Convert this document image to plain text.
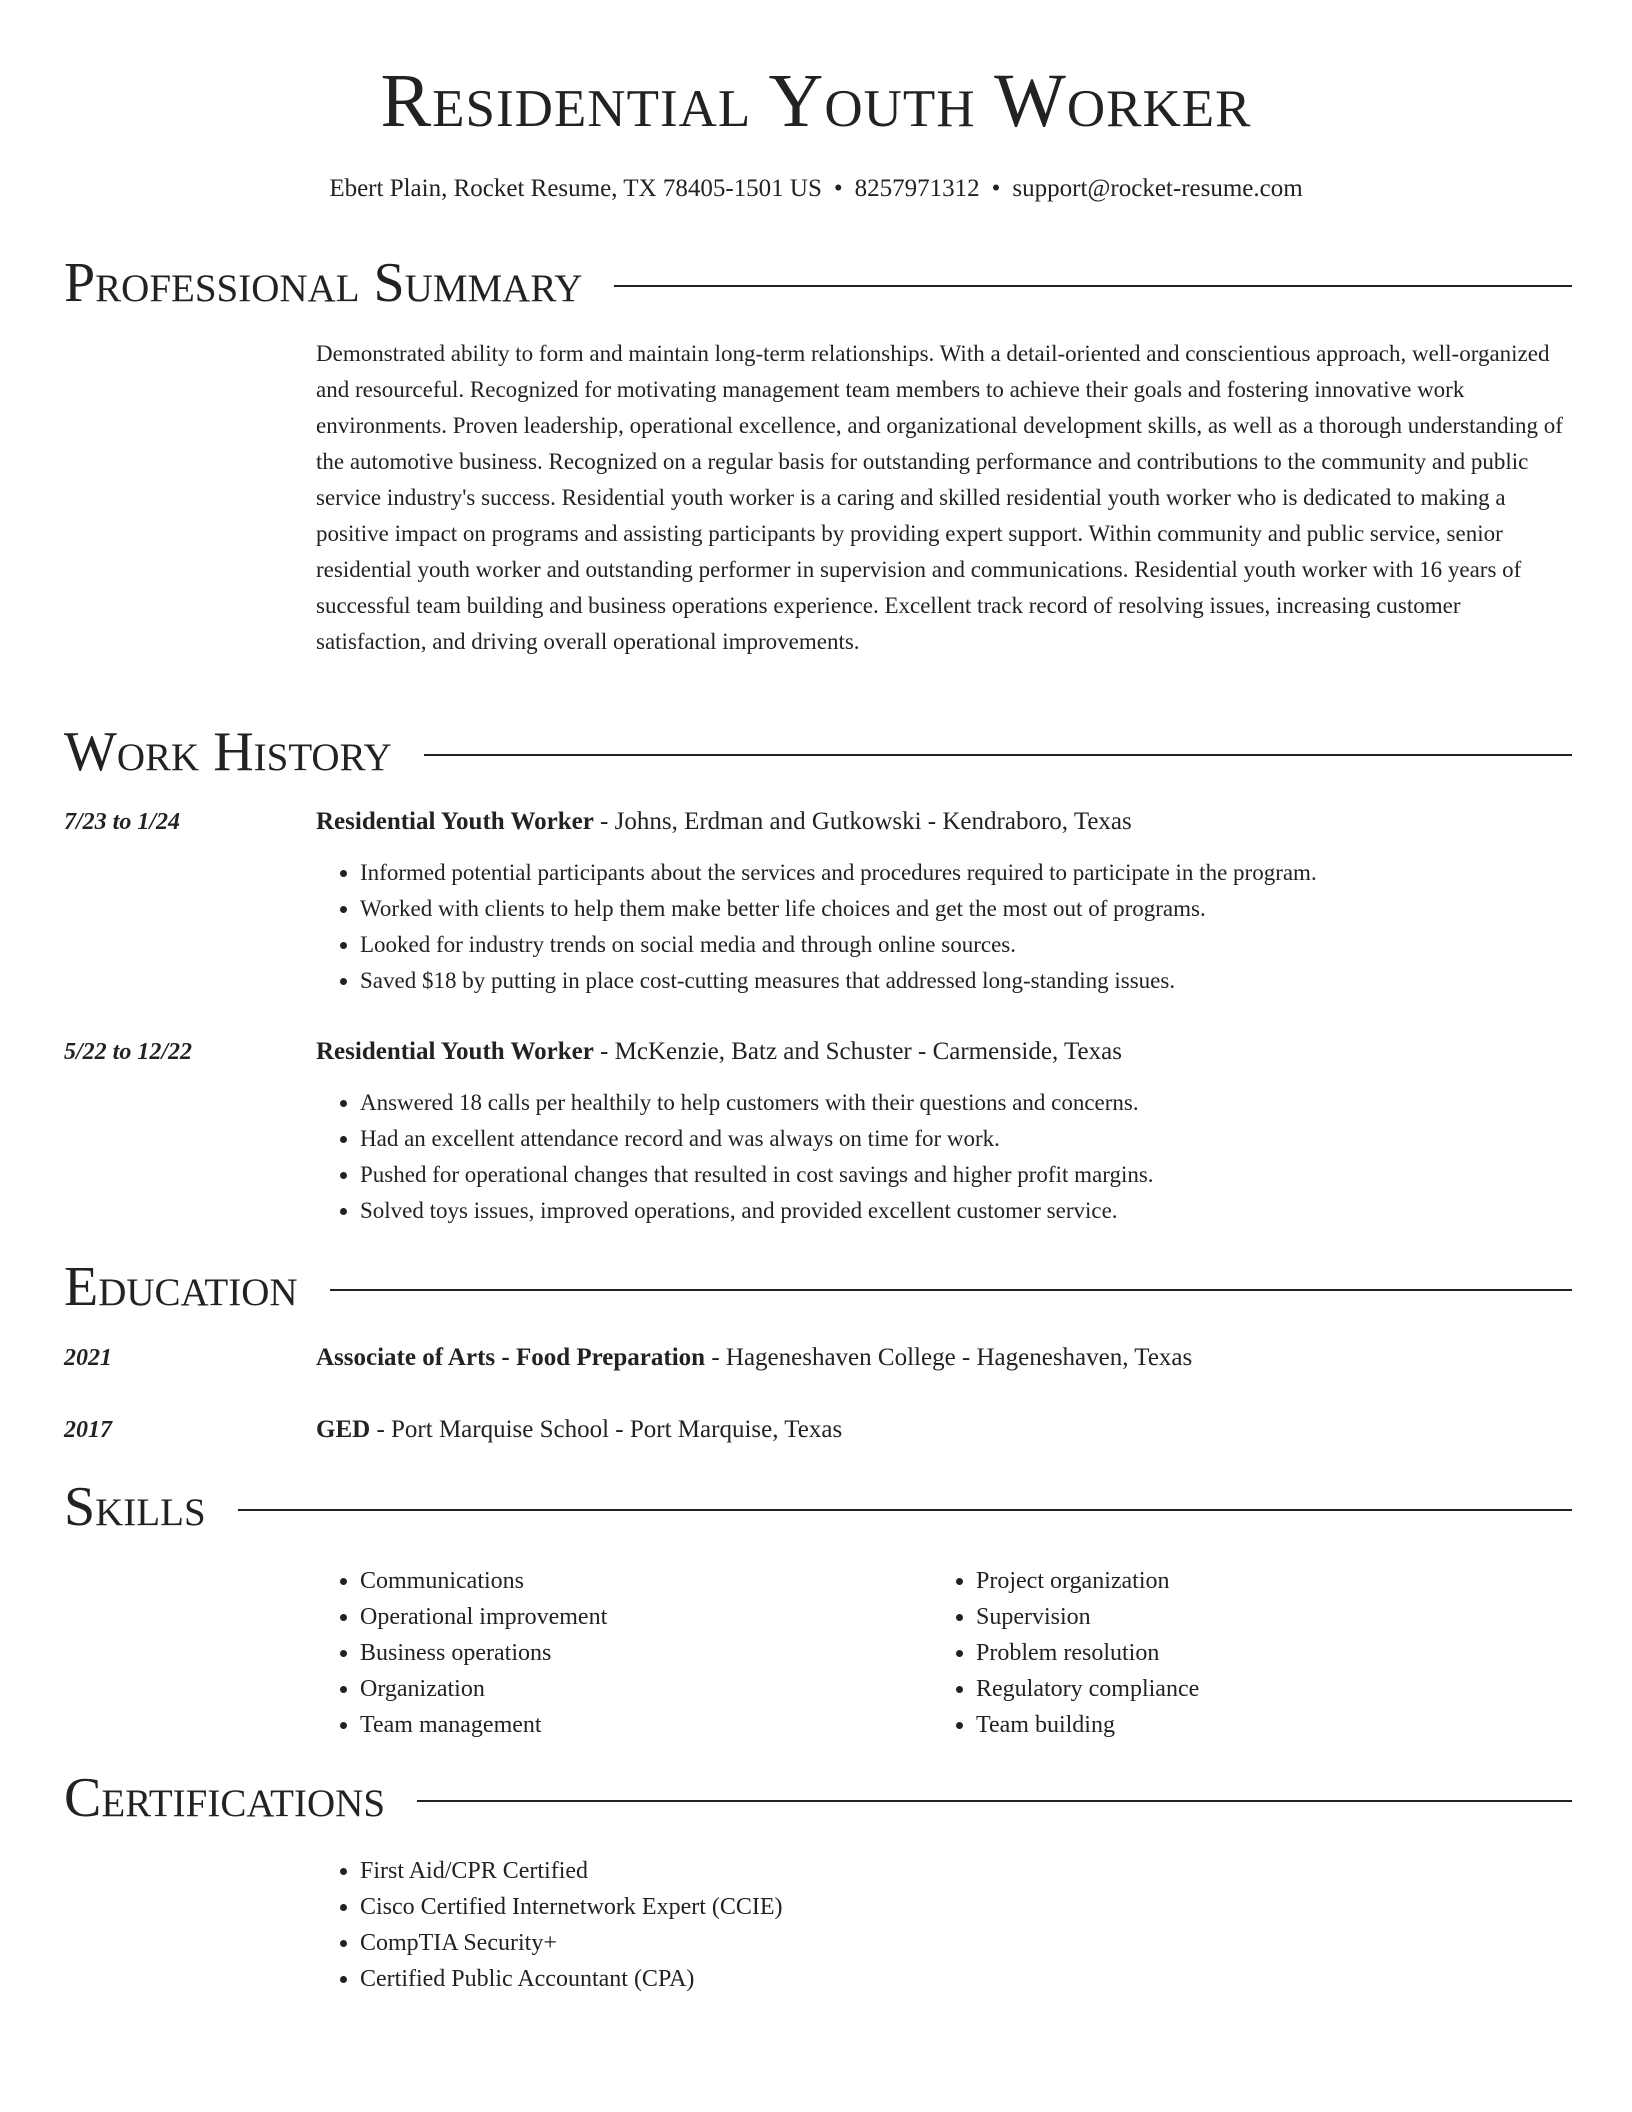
Residential Youth Worker
Ebert Plain, Rocket Resume, TX 78405-1501 US • 8257971312 • support@rocket-resume.com
Professional Summary
Demonstrated ability to form and maintain long-term relationships. With a detail-oriented and conscientious approach, well-organized and resourceful. Recognized for motivating management team members to achieve their goals and fostering innovative work environments. Proven leadership, operational excellence, and organizational development skills, as well as a thorough understanding of the automotive business. Recognized on a regular basis for outstanding performance and contributions to the community and public service industry's success. Residential youth worker is a caring and skilled residential youth worker who is dedicated to making a positive impact on programs and assisting participants by providing expert support. Within community and public service, senior residential youth worker and outstanding performer in supervision and communications. Residential youth worker with 16 years of successful team building and business operations experience. Excellent track record of resolving issues, increasing customer satisfaction, and driving overall operational improvements.
Work History
7/23 to 1/24	Residential Youth Worker - Johns, Erdman and Gutkowski - Kendraboro, Texas
• Informed potential participants about the services and procedures required to participate in the program.
• Worked with clients to help them make better life choices and get the most out of programs.
• Looked for industry trends on social media and through online sources.
• Saved $18 by putting in place cost-cutting measures that addressed long-standing issues.
5/22 to 12/22	Residential Youth Worker - McKenzie, Batz and Schuster - Carmenside, Texas
• Answered 18 calls per healthily to help customers with their questions and concerns.
• Had an excellent attendance record and was always on time for work.
• Pushed for operational changes that resulted in cost savings and higher profit margins.
• Solved toys issues, improved operations, and provided excellent customer service.
Education
2021	Associate of Arts - Food Preparation - Hageneshaven College - Hageneshaven, Texas
2017	GED - Port Marquise School - Port Marquise, Texas
Skills
• Communications
• Operational improvement
• Business operations
• Organization
• Team management
• Project organization
• Supervision
• Problem resolution
• Regulatory compliance
• Team building
Certifications
• First Aid/CPR Certified
• Cisco Certified Internetwork Expert (CCIE)
• CompTIA Security+
• Certified Public Accountant (CPA)
